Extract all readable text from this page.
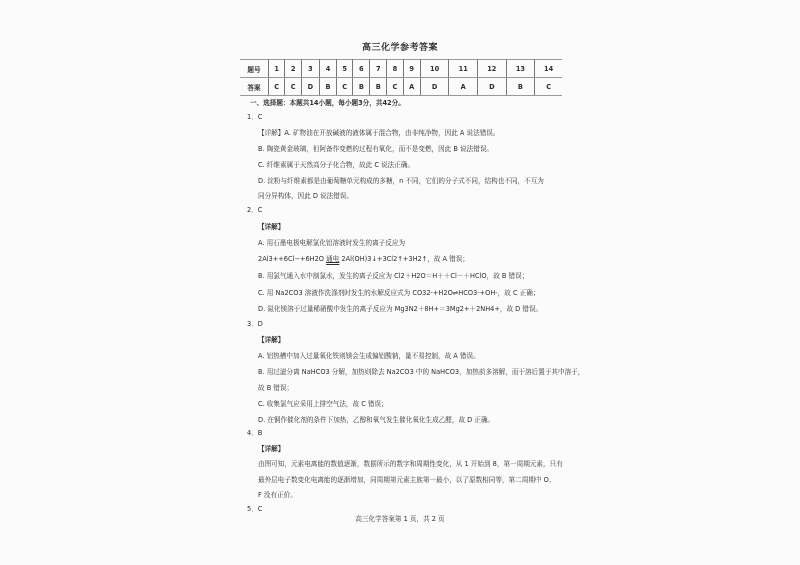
高三化学参考答案
题号	1	2	3	4	5	6	7	8	9	10	11	12	13	14
答案	C	C	D	B	C	B	B	C	A	D	A	D	B	C
一、选择题：本题共14小题，每小题3分，共42分。
1．C
【详解】A. 矿物油在开放碱液的液体属于混合物，由非纯净物，因此 A 说法错误。
B. 陶瓷黄金玻璃，但阿备作变燃的过程有氧化，而不是变燃，因此 B 说法错误。
C. 纤维素属于天然高分子化合物，故此 C 说法正确。
D. 淀粉与纤维素都是由葡萄糖单元构成的多糖，n 不同，它们的分子式不同，结构也不同，不互为
同分异构体，因此 D 说法错误。
2．C
【详解】
A. 用石墨电极电解氯化铝溶液时发生的离子反应为
2Al3++6Cl−+6H2O 通电 2Al(OH)3↓+3Cl2↑+3H2↑，故 A 错误；
B. 用氯气通入水中制氯水，发生的离子反应为 Cl2＋H2O＝H＋＋Cl－＋HClO，故 B 错误；
C. 用 Na2CO3 溶液作洗涤剂时发生的水解反应式为 CO32-+H2O⇌HCO3-+OH-，故 C 正确；
D. 氮化镁溶于过量稀硝酸中发生的离子反应为 Mg3N2＋8H+＝3Mg2+＋2NH4+，故 D 错误。
3．D
【详解】
A. 铝热槽中加入过量氧化铁则镁会生成偏铝酸钠，量不易控制，故 A 错误。
B. 用过滤分离 NaHCO3 分解，加热则除去 Na2CO3 中的 NaHCO3，加热前多溶解，而于溶后置于其中溶于，
故 B 错误；
C. 收集氯气应采用上排空气法，故 C 错误；
D. 在铜作催化剂的条件下加热，乙醇和氧气发生催化氧化生成乙醛，故 D 正确。
4．B
【详解】
由图可知，元素电离能的数值逐渐，数据所示的数字和周期性变化，从 1 开始到 8，第一周期元素，只有
最外层电子数变化电离能的逐渐增加，同周期第元素主族第一最小，以了原数相同等，第二周期中 O、
F 没有正价。
5．C
高三化学答案第 1 页，共 2 页
